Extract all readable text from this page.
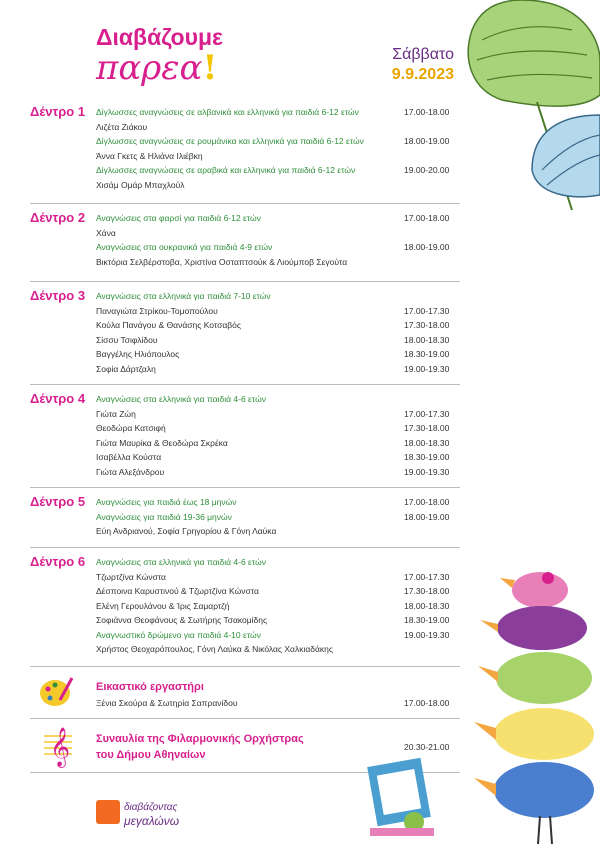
Διαβάζουμε
παρεα!	Σάββατο
9.9.2023
Δέντρο 1 Δίγλωσσες αναγνώσεις σε αλβανικά και ελληνικά για παιδιά 6-12 ετών	17.00-18.00
Λιζέτα Ζιάκου
Δίγλωσσες αναγνώσεις σε ρουμάνικα και ελληνικά για παιδιά 6-12 ετών	18.00-19.00
Άννα Γκετς & Ηλιάνα Ιλιέβκη
Δίγλωσσες αναγνώσεις σε αραβικά και ελληνικά για παιδιά 6-12 ετών	19.00-20.00
Χισάμ Ομάρ Μπαχλούλ
Δέντρο 2 Αναγνώσεις στα φαρσί για παιδιά 6-12 ετών	17.00-18.00
Χάνα
Αναγνώσεις στα ουκρανικά για παιδιά 4-9 ετών	18.00-19.00
Βικτόρια Σελβέρστοβα, Χριστίνα Οσταπτσούκ & Λιούμποβ Σεγούτα
Δέντρο 3 Αναγνώσεις στα ελληνικά για παιδιά 7-10 ετών
Παναγιώτα Στρίκου-Τομοπούλου	17.00-17.30
Κούλα Πανάγου & Θανάσης Κοτσαβός	17.30-18.00
Σίσσυ Τσιφλίδου	18.00-18.30
Βαγγέλης Ηλιόπουλος	18.30-19.00
Σοφία Δάρτζαλη	19.00-19.30
Δέντρο 4 Αναγνώσεις στα ελληνικά για παιδιά 4-6 ετών
Γιώτα Ζώη	17.00-17.30
Θεοδώρα Κατσιφή	17.30-18.00
Γιώτα Μαυρίκα & Θεοδώρα Σκρέκα	18.00-18.30
Ισαβέλλα Κούστα	18.30-19.00
Γιώτα Αλεξάνδρου	19.00-19.30
Δέντρο 5 Αναγνώσεις για παιδιά έως 18 μηνών	17.00-18.00
Αναγνώσεις για παιδιά 19-36 μηνών	18.00-19.00
Εύη Ανδριανού, Σοφία Γρηγορίου & Γόνη Λαύκα
Δέντρο 6 Αναγνώσεις στα ελληνικά για παιδιά 4-6 ετών
Τζωρτζίνα Κώνστα	17.00-17.30
Δέσποινα Καρυστινού & Τζωρτζίνα Κώνστα	17.30-18.00
Ελένη Γερουλάνου & Ίρις Σαμαρτζή	18.00-18.30
Σοφιάννα Θεοφάνους & Σωτήρης Τσακομίδης	18.30-19.00
Αναγνωστικό δρώμενο για παιδιά 4-10 ετών	19.00-19.30
Χρήστος Θεοχαρόπουλος, Γόνη Λαύκα & Νικόλας Χαλκιαδάκης
Εικαστικό εργαστήρι
Ξένια Σκούρα & Σωτηρία Σαπρανίδου	17.00-18.00
𝄞 Συναυλία της Φιλαρμονικής Ορχήστρας
του Δήμου Αθηναίων
20.30-21.00
διαβάζοντας
μεγαλώνω
